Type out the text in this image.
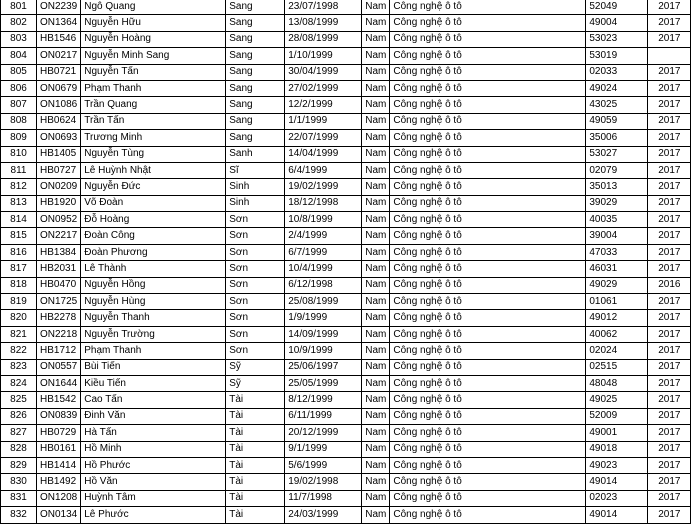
801	ON2239	Ngô Quang	Sang	23/07/1998	Nam	Công nghệ ô tô	52049	2017
802	ON1364	Nguyễn Hữu	Sang	13/08/1999	Nam	Công nghệ ô tô	49004	2017
803	HB1546	Nguyễn Hoàng	Sang	28/08/1999	Nam	Công nghệ ô tô	53023	2017
804	ON0217	Nguyễn Minh Sang	Sang	1/10/1999	Nam	Công nghệ ô tô	53019	
805	HB0721	Nguyễn Tấn	Sang	30/04/1999	Nam	Công nghệ ô tô	02033	2017
806	ON0679	Phạm Thanh	Sang	27/02/1999	Nam	Công nghệ ô tô	49024	2017
807	ON1086	Trần Quang	Sang	12/2/1999	Nam	Công nghệ ô tô	43025	2017
808	HB0624	Trần Tấn	Sang	1/1/1999	Nam	Công nghệ ô tô	49059	2017
809	ON0693	Trương Minh	Sang	22/07/1999	Nam	Công nghệ ô tô	35006	2017
810	HB1405	Nguyễn Tùng	Sanh	14/04/1999	Nam	Công nghệ ô tô	53027	2017
811	HB0727	Lê Huỳnh Nhật	Sĩ	6/4/1999	Nam	Công nghệ ô tô	02079	2017
812	ON0209	Nguyễn Đức	Sinh	19/02/1999	Nam	Công nghệ ô tô	35013	2017
813	HB1920	Võ Đoàn	Sinh	18/12/1998	Nam	Công nghệ ô tô	39029	2017
814	ON0952	Đỗ Hoàng	Sơn	10/8/1999	Nam	Công nghệ ô tô	40035	2017
815	ON2217	Đoàn Công	Sơn	2/4/1999	Nam	Công nghệ ô tô	39004	2017
816	HB1384	Đoàn Phương	Sơn	6/7/1999	Nam	Công nghệ ô tô	47033	2017
817	HB2031	Lê Thành	Sơn	10/4/1999	Nam	Công nghệ ô tô	46031	2017
818	HB0470	Nguyễn Hồng	Sơn	6/12/1998	Nam	Công nghệ ô tô	49029	2016
819	ON1725	Nguyễn Hùng	Sơn	25/08/1999	Nam	Công nghệ ô tô	01061	2017
820	HB2278	Nguyễn Thanh	Sơn	1/9/1999	Nam	Công nghệ ô tô	49012	2017
821	ON2218	Nguyễn Trường	Sơn	14/09/1999	Nam	Công nghệ ô tô	40062	2017
822	HB1712	Phạm Thanh	Sơn	10/9/1999	Nam	Công nghệ ô tô	02024	2017
823	ON0557	Bùi Tiến	Sỹ	25/06/1997	Nam	Công nghệ ô tô	02515	2017
824	ON1644	Kiều Tiến	Sỹ	25/05/1999	Nam	Công nghệ ô tô	48048	2017
825	HB1542	Cao Tấn	Tài	8/12/1999	Nam	Công nghệ ô tô	49025	2017
826	ON0839	Đinh Văn	Tài	6/11/1999	Nam	Công nghệ ô tô	52009	2017
827	HB0729	Hà Tấn	Tài	20/12/1999	Nam	Công nghệ ô tô	49001	2017
828	HB0161	Hồ Minh	Tài	9/1/1999	Nam	Công nghệ ô tô	49018	2017
829	HB1414	Hồ Phước	Tài	5/6/1999	Nam	Công nghệ ô tô	49023	2017
830	HB1492	Hồ Văn	Tài	19/02/1998	Nam	Công nghệ ô tô	49014	2017
831	ON1208	Huỳnh Tâm	Tài	11/7/1998	Nam	Công nghệ ô tô	02023	2017
832	ON0134	Lê Phước	Tài	24/03/1999	Nam	Công nghệ ô tô	49014	2017
